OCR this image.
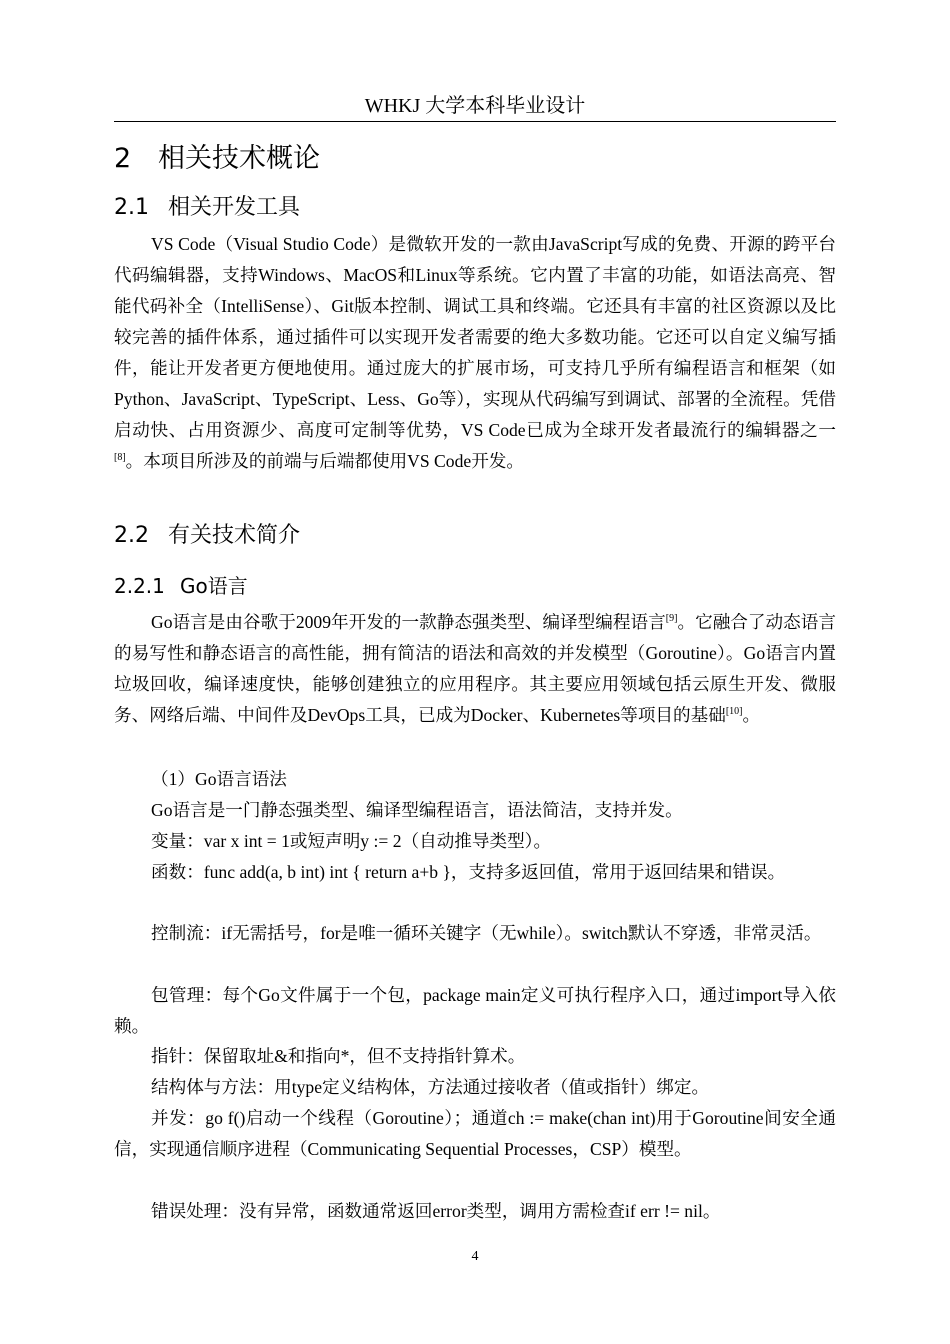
WHKJ 大学本科毕业设计
2 相关技术概论
2.1 相关开发工具

VS Code（Visual Studio Code）是微软开发的一款由JavaScript写成的免费、开源的跨平台代码编辑器，支持Windows、MacOS和Linux等系统。它内置了丰富的功能，如语法高亮、智能代码补全（IntelliSense）、Git版本控制、调试工具和终端。它还具有丰富的社区资源以及比较完善的插件体系，通过插件可以实现开发者需要的绝大多数功能。它还可以自定义编写插件，能让开发者更方便地使用。通过庞大的扩展市场，可支持几乎所有编程语言和框架（如Python、JavaScript、TypeScript、Less、Go等），实现从代码编写到调试、部署的全流程。凭借启动快、占用资源少、高度可定制等优势，VS Code已成为全球开发者最流行的编辑器之一[8]。本项目所涉及的前端与后端都使用VS Code开发。

2.2 有关技术简介
2.2.1 Go语言

Go语言是由谷歌于2009年开发的一款静态强类型、编译型编程语言[9]。它融合了动态语言的易写性和静态语言的高性能，拥有简洁的语法和高效的并发模型（Goroutine）。Go语言内置垃圾回收，编译速度快，能够创建独立的应用程序。其主要应用领域包括云原生开发、微服务、网络后端、中间件及DevOps工具，已成为Docker、Kubernetes等项目的基础[10]。

（1）Go语言语法

Go语言是一门静态强类型、编译型编程语言，语法简洁，支持并发。

变量：var x int = 1或短声明y := 2（自动推导类型）。

函数：func add(a, b int) int { return a+b }，支持多返回值，常用于返回结果和错误。

控制流：if无需括号，for是唯一循环关键字（无while）。switch默认不穿透，非常灵活。

包管理：每个Go文件属于一个包，package main定义可执行程序入口，通过import导入依赖。

指针：保留取址&和指向*，但不支持指针算术。

结构体与方法：用type定义结构体，方法通过接收者（值或指针）绑定。

并发：go f()启动一个线程（Goroutine）；通道ch := make(chan int)用于Goroutine间安全通信，实现通信顺序进程（Communicating Sequential Processes，CSP）模型。

错误处理：没有异常，函数通常返回error类型，调用方需检查if err != nil。

4
